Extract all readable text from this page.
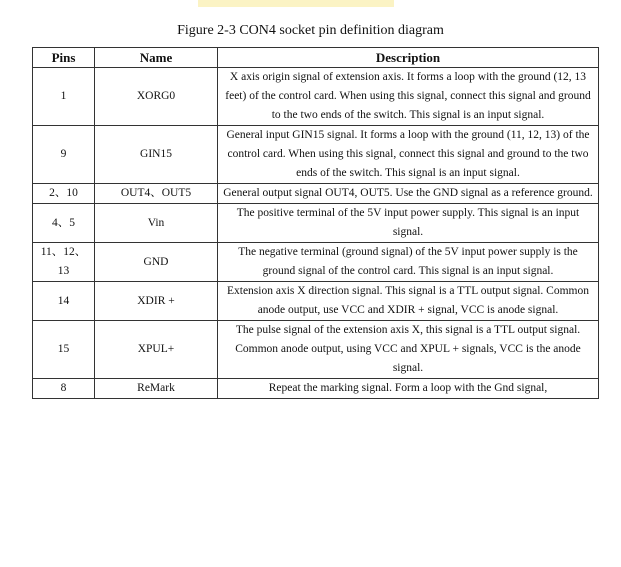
Figure 2-3 CON4 socket pin definition diagram
Pins	Name	Description
1	XORG0	X axis origin signal of extension axis. It forms a loop with the ground (12, 13 feet) of the control card. When using this signal, connect this signal and ground to the two ends of the switch. This signal is an input signal.
9	GIN15	General input GIN15 signal. It forms a loop with the ground (11, 12, 13) of the control card. When using this signal, connect this signal and ground to the two ends of the switch. This signal is an input signal.
2、10	OUT4、OUT5	General output signal OUT4, OUT5. Use the GND signal as a reference ground.
4、5	Vin	The positive terminal of the 5V input power supply. This signal is an input signal.
11、12、13	GND	The negative terminal (ground signal) of the 5V input power supply is the ground signal of the control card. This signal is an input signal.
14	XDIR +	Extension axis X direction signal. This signal is a TTL output signal. Common anode output, use VCC and XDIR + signal, VCC is anode signal.
15	XPUL+	The pulse signal of the extension axis X, this signal is a TTL output signal. Common anode output, using VCC and XPUL + signals, VCC is the anode signal.
8	ReMark	Repeat the marking signal. Form a loop with the Gnd signal,
